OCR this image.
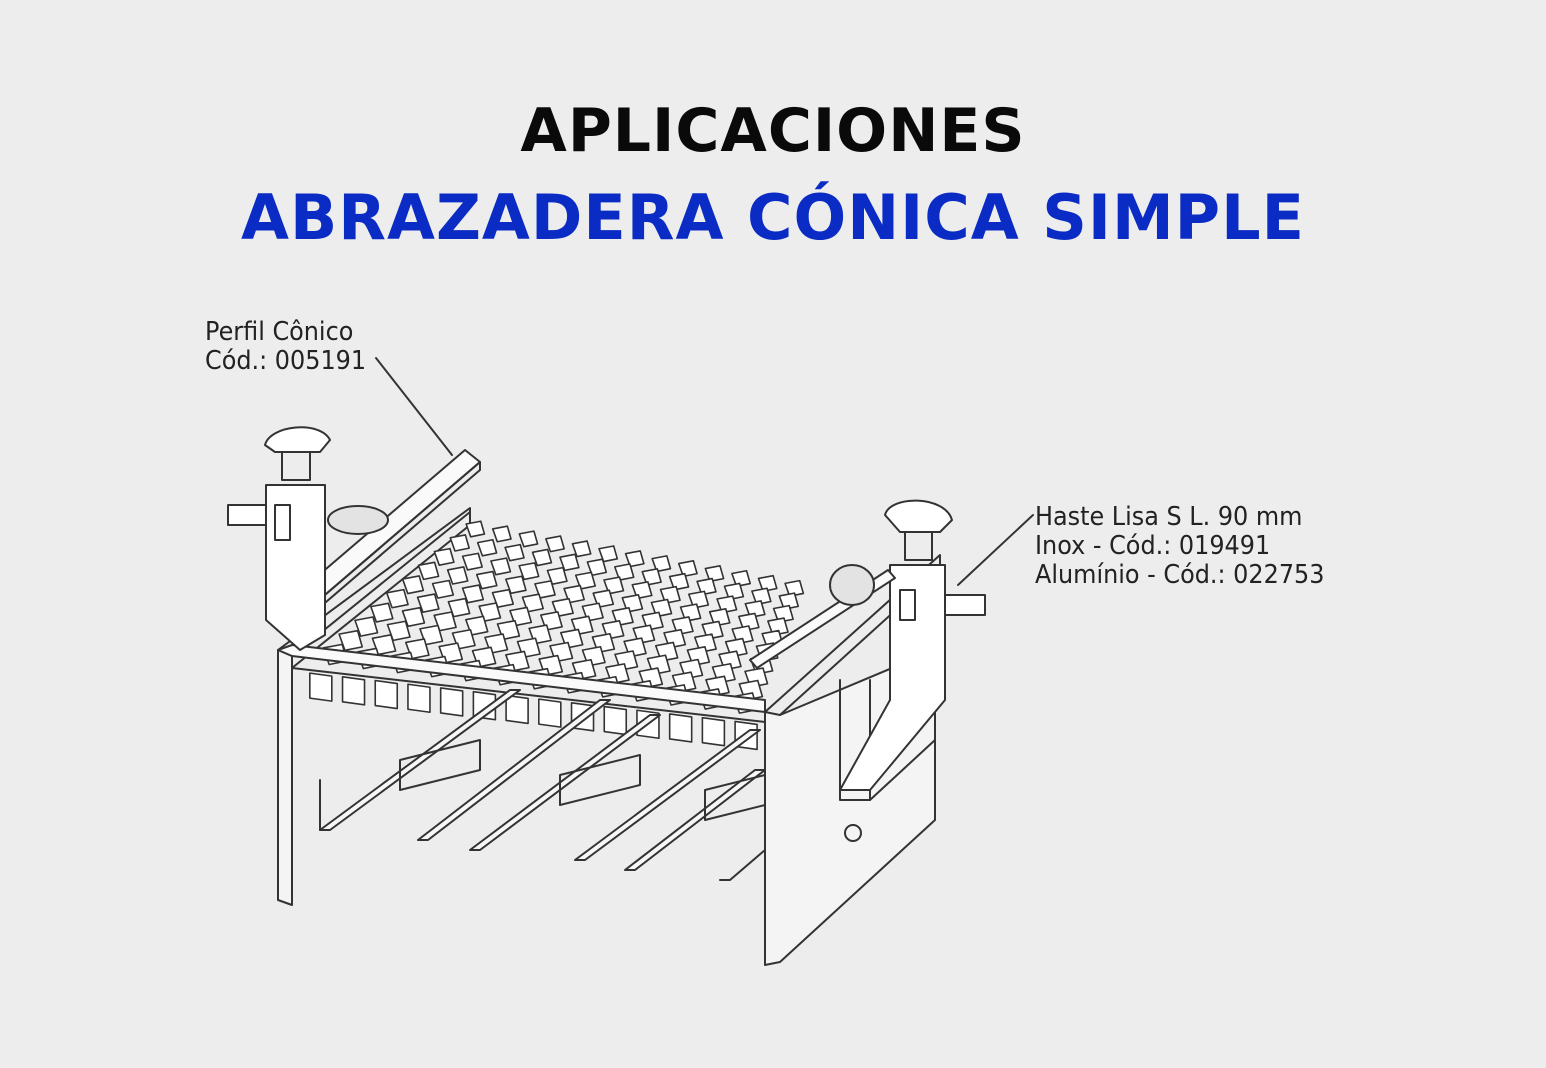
APLICACIONES
ABRAZADERA CÓNICA SIMPLE
Perfil Cônico
Cód.: 005191
Haste Lisa S L. 90 mm
Inox - Cód.: 019491
Alumínio - Cód.: 022753
